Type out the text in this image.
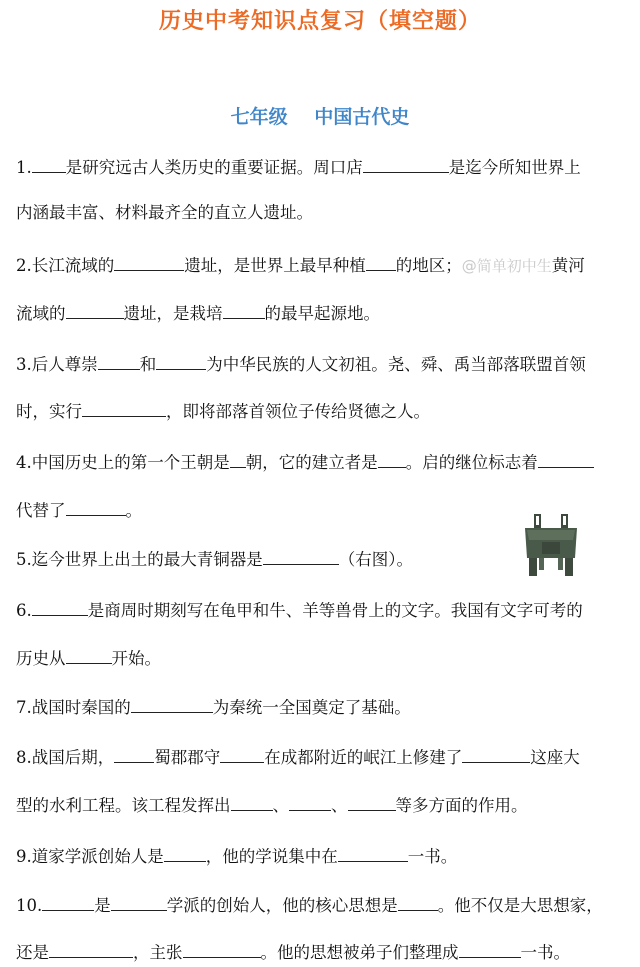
历史中考知识点复习（填空题）
七年级 中国古代史
1. 是研究远古人类历史的重要证据。周口店	是迄今所知世界上
内涵最丰富、材料最齐全的直立人遗址。
2.长江流域的	遗址，是世界上最早种植 的地区；@简单初中生黄河
流域的	遗址，是栽培	的最早起源地。
3.后人尊崇	和	为中华民族的人文初祖。尧、舜、禹当部落联盟首领
时，实行	，即将部落首领位子传给贤德之人。
4.中国历史上的第一个王朝是 朝，它的建立者是 。启的继位标志着
代替了	。
5.迄今世界上出土的最大青铜器是	（右图）。
6.	是商周时期刻写在龟甲和牛、羊等兽骨上的文字。我国有文字可考的
历史从	开始。
7.战国时秦国的	为秦统一全国奠定了基础。
8.战国后期， 蜀郡郡守	在成都附近的岷江上修建了	这座大
型的水利工程。该工程发挥出	、	、	等多方面的作用。
9.道家学派创始人是	，他的学说集中在	一书。
10.	是	学派的创始人，他的核心思想是 。他不仅是大思想家，
还是	，主张	。他的思想被弟子们整理成	一书。
